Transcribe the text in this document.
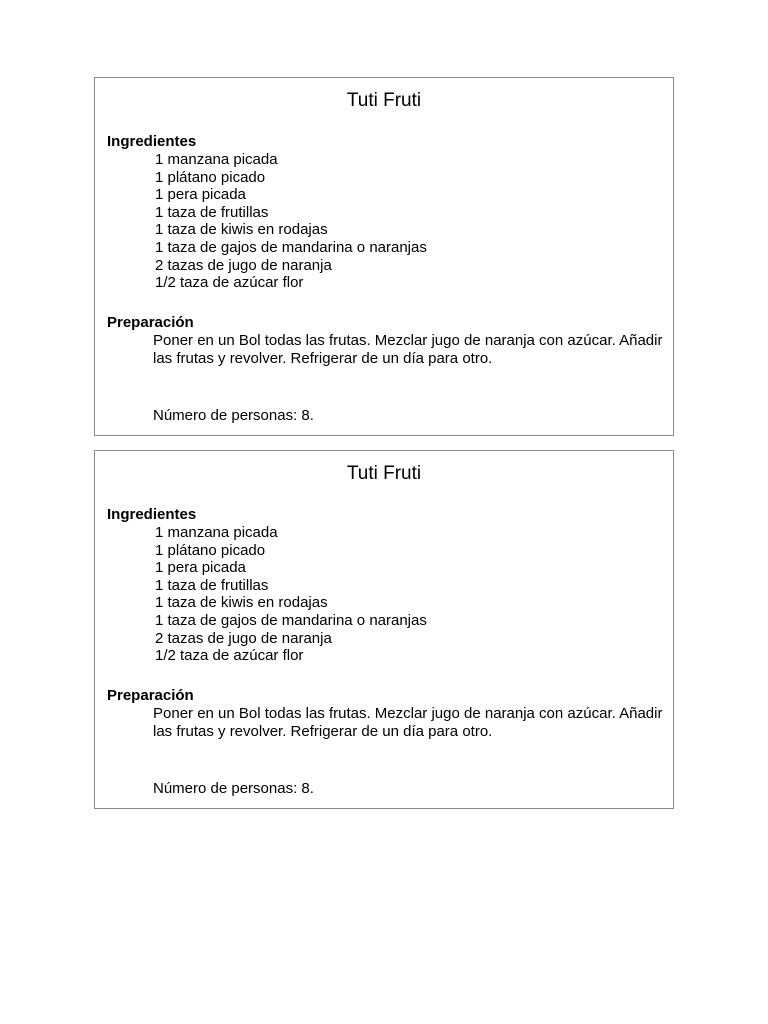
Tuti Fruti
Ingredientes
1 manzana picada
1 plátano picado
1 pera picada
1 taza de frutillas
1 taza de kiwis en rodajas
1 taza de gajos de mandarina o naranjas
2 tazas de jugo de naranja
1/2 taza de azúcar flor
Preparación
Poner en un Bol todas las frutas. Mezclar jugo de naranja con azúcar. Añadir las frutas y revolver. Refrigerar de un día para otro.
Número de personas: 8.
Tuti Fruti
Ingredientes
1 manzana picada
1 plátano picado
1 pera picada
1 taza de frutillas
1 taza de kiwis en rodajas
1 taza de gajos de mandarina o naranjas
2 tazas de jugo de naranja
1/2 taza de azúcar flor
Preparación
Poner en un Bol todas las frutas. Mezclar jugo de naranja con azúcar. Añadir las frutas y revolver. Refrigerar de un día para otro.
Número de personas: 8.
